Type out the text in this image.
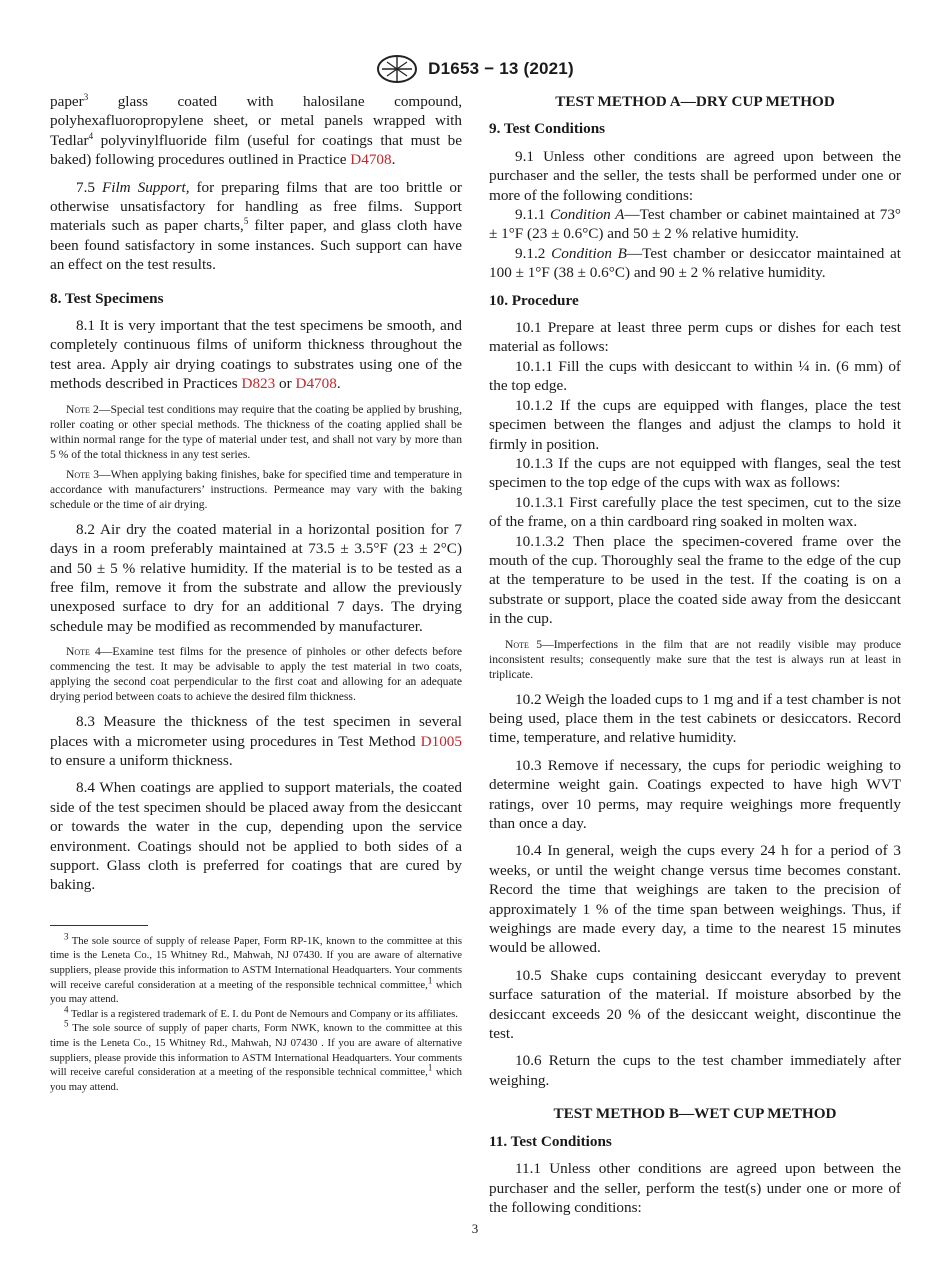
D1653 − 13 (2021)

paper$^3$ glass coated with halosilane compound, polyhexafluoropropylene sheet, or metal panels wrapped with Tedlar$^4$ polyvinylfluoride film (useful for coatings that must be baked) following procedures outlined in Practice D4708.

7.5 Film Support, for preparing films that are too brittle or otherwise unsatisfactory for handling as free films. Support materials such as paper charts,$^5$ filter paper, and glass cloth have been found satisfactory in some instances. Such support can have an effect on the test results.

8. Test Specimens

8.1 It is very important that the test specimens be smooth, and completely continuous films of uniform thickness throughout the test area. Apply air drying coatings to substrates using one of the methods described in Practices D823 or D4708.

Note 2—Special test conditions may require that the coating be applied by brushing, roller coating or other special methods. The thickness of the coating applied shall be within normal range for the type of material under test, and shall not vary by more than 5 % of the total thickness in any test series.

Note 3—When applying baking finishes, bake for specified time and temperature in accordance with manufacturers’ instructions. Permeance may vary with the baking schedule or the time of air drying.

8.2 Air dry the coated material in a horizontal position for 7 days in a room preferably maintained at 73.5 ± 3.5°F (23 ± 2°C) and 50 ± 5 % relative humidity. If the material is to be tested as a free film, remove it from the substrate and allow the previously unexposed surface to dry for an additional 7 days. The drying schedule may be modified as recommended by manufacturer.

Note 4—Examine test films for the presence of pinholes or other defects before commencing the test. It may be advisable to apply the test material in two coats, applying the second coat perpendicular to the first coat and allowing for an adequate drying period between coats to achieve the desired film thickness.

8.3 Measure the thickness of the test specimen in several places with a micrometer using procedures in Test Method D1005 to ensure a uniform thickness.

8.4 When coatings are applied to support materials, the coated side of the test specimen should be placed away from the desiccant or towards the water in the cup, depending upon the service environment. Coatings should not be applied to both sides of a support. Glass cloth is preferred for coatings that are cured by baking.

$^3$ The sole source of supply of release Paper, Form RP-1K, known to the committee at this time is the Leneta Co., 15 Whitney Rd., Mahwah, NJ 07430. If you are aware of alternative suppliers, please provide this information to ASTM International Headquarters. Your comments will receive careful consideration at a meeting of the responsible technical committee,$^1$ which you may attend.

$^4$ Tedlar is a registered trademark of E. I. du Pont de Nemours and Company or its affiliates.

$^5$ The sole source of supply of paper charts, Form NWK, known to the committee at this time is the Leneta Co., 15 Whitney Rd., Mahwah, NJ 07430 . If you are aware of alternative suppliers, please provide this information to ASTM International Headquarters. Your comments will receive careful consideration at a meeting of the responsible technical committee,$^1$ which you may attend.

TEST METHOD A—DRY CUP METHOD
9. Test Conditions

9.1 Unless other conditions are agreed upon between the purchaser and the seller, the tests shall be performed under one or more of the following conditions:

9.1.1 Condition A—Test chamber or cabinet maintained at 73° ± 1°F (23 ± 0.6°C) and 50 ± 2 % relative humidity.

9.1.2 Condition B—Test chamber or desiccator maintained at 100 ± 1°F (38 ± 0.6°C) and 90 ± 2 % relative humidity.

10. Procedure

10.1 Prepare at least three perm cups or dishes for each test material as follows:

10.1.1 Fill the cups with desiccant to within ¼ in. (6 mm) of the top edge.

10.1.2 If the cups are equipped with flanges, place the test specimen between the flanges and adjust the clamps to hold it firmly in position.

10.1.3 If the cups are not equipped with flanges, seal the test specimen to the top edge of the cups with wax as follows:

10.1.3.1 First carefully place the test specimen, cut to the size of the frame, on a thin cardboard ring soaked in molten wax.

10.1.3.2 Then place the specimen-covered frame over the mouth of the cup. Thoroughly seal the frame to the edge of the cup at the temperature to be used in the test. If the coating is on a substrate or support, place the coated side away from the desiccant in the cup.

Note 5—Imperfections in the film that are not readily visible may produce inconsistent results; consequently make sure that the test is always run at least in triplicate.

10.2 Weigh the loaded cups to 1 mg and if a test chamber is not being used, place them in the test cabinets or desiccators. Record time, temperature, and relative humidity.

10.3 Remove if necessary, the cups for periodic weighing to determine weight gain. Coatings expected to have high WVT ratings, over 10 perms, may require weighings more frequently than once a day.

10.4 In general, weigh the cups every 24 h for a period of 3 weeks, or until the weight change versus time becomes constant. Record the time that weighings are taken to the precision of approximately 1 % of the time span between weighings. Thus, if weighings are made every day, a time to the nearest 15 minutes would be allowed.

10.5 Shake cups containing desiccant everyday to prevent surface saturation of the material. If moisture absorbed by the desiccant exceeds 20 % of the desiccant weight, discontinue the test.

10.6 Return the cups to the test chamber immediately after weighing.

TEST METHOD B—WET CUP METHOD
11. Test Conditions

11.1 Unless other conditions are agreed upon between the purchaser and the seller, perform the test(s) under one or more of the following conditions:

3
